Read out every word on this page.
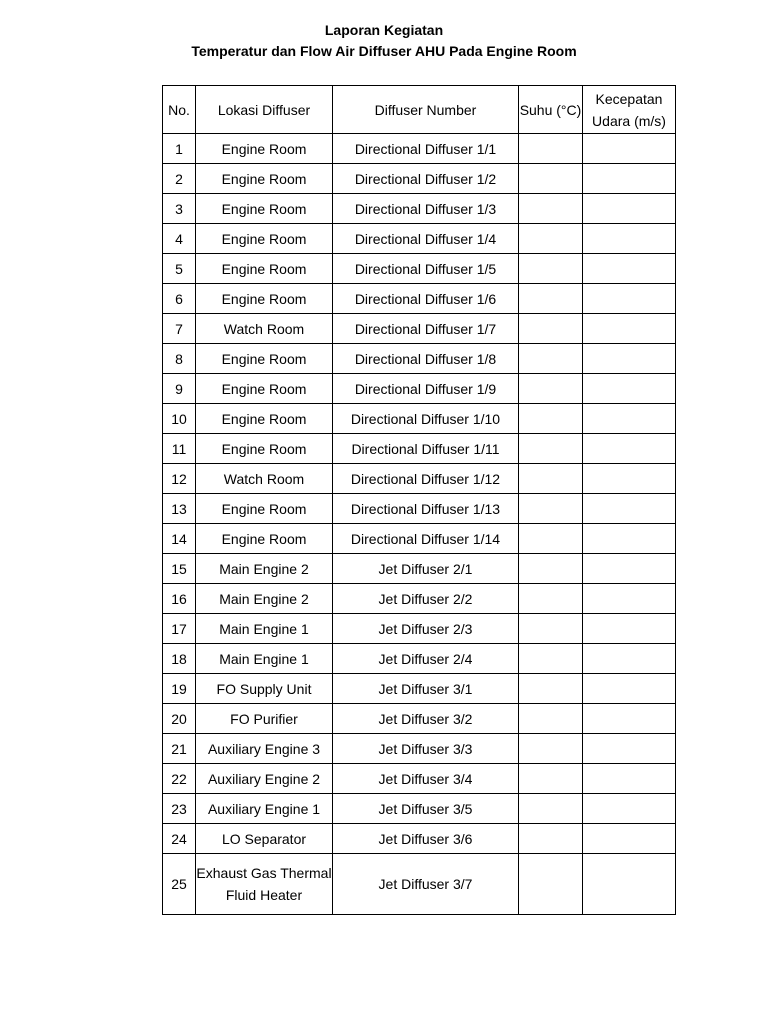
Laporan Kegiatan
Temperatur dan Flow Air Diffuser AHU Pada Engine Room
No.	Lokasi Diffuser	Diffuser Number	Suhu (°C)	Kecepatan Udara (m/s)
1	Engine Room	Directional Diffuser 1/1		
2	Engine Room	Directional Diffuser 1/2		
3	Engine Room	Directional Diffuser 1/3		
4	Engine Room	Directional Diffuser 1/4		
5	Engine Room	Directional Diffuser 1/5		
6	Engine Room	Directional Diffuser 1/6		
7	Watch Room	Directional Diffuser 1/7		
8	Engine Room	Directional Diffuser 1/8		
9	Engine Room	Directional Diffuser 1/9		
10	Engine Room	Directional Diffuser 1/10		
11	Engine Room	Directional Diffuser 1/11		
12	Watch Room	Directional Diffuser 1/12		
13	Engine Room	Directional Diffuser 1/13		
14	Engine Room	Directional Diffuser 1/14		
15	Main Engine 2	Jet Diffuser 2/1		
16	Main Engine 2	Jet Diffuser 2/2		
17	Main Engine 1	Jet Diffuser 2/3		
18	Main Engine 1	Jet Diffuser 2/4		
19	FO Supply Unit	Jet Diffuser 3/1		
20	FO Purifier	Jet Diffuser 3/2		
21	Auxiliary Engine 3	Jet Diffuser 3/3		
22	Auxiliary Engine 2	Jet Diffuser 3/4		
23	Auxiliary Engine 1	Jet Diffuser 3/5		
24	LO Separator	Jet Diffuser 3/6		
25	Exhaust Gas Thermal Fluid Heater	Jet Diffuser 3/7		
